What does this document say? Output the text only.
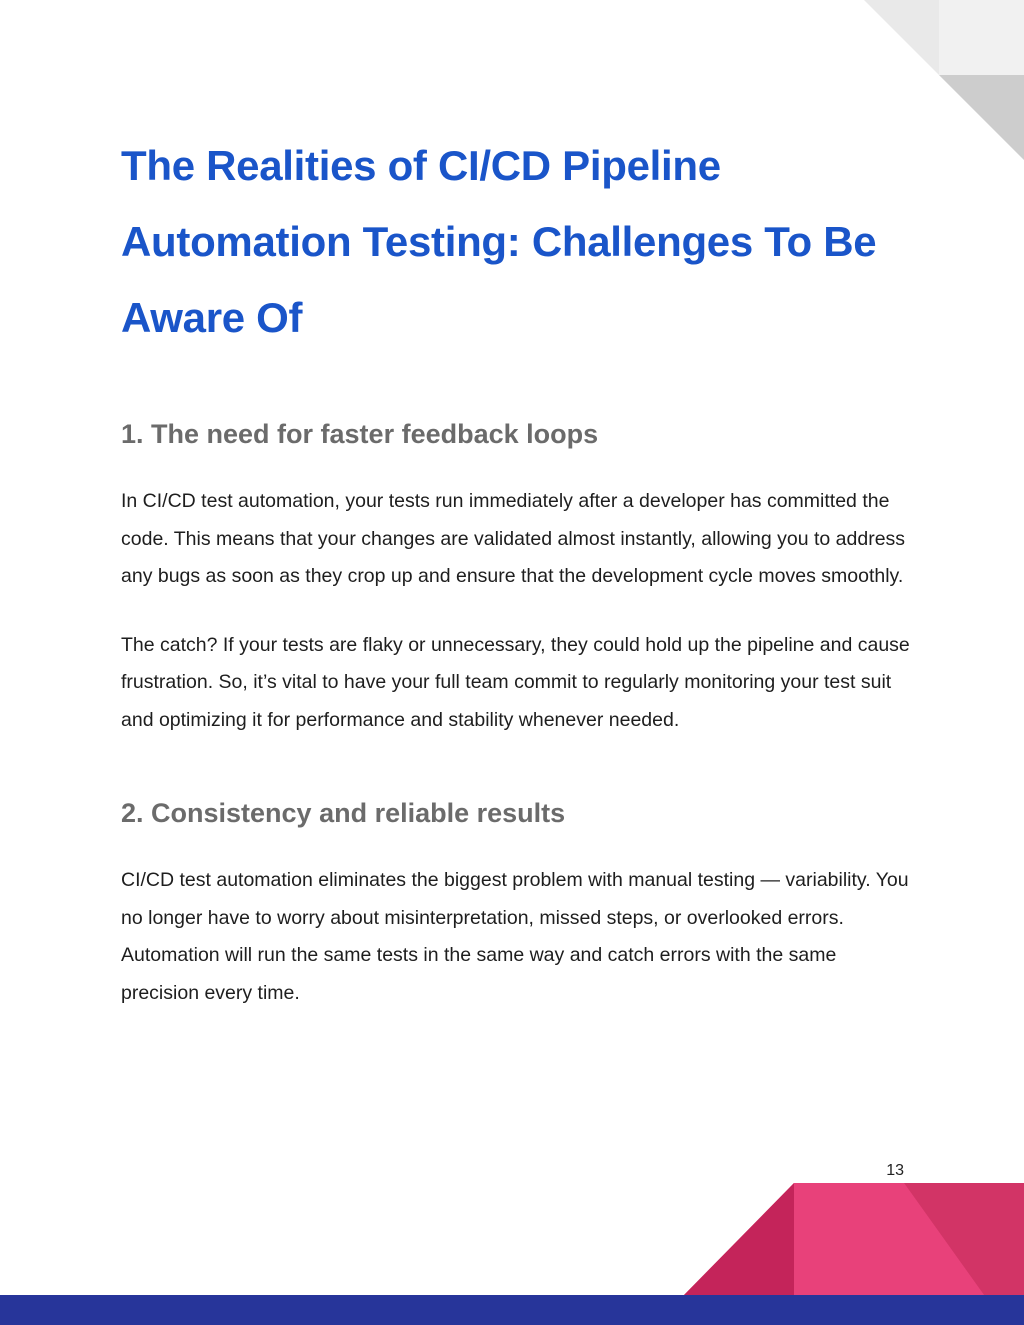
The Realities of CI/CD Pipeline Automation Testing: Challenges To Be Aware Of
1. The need for faster feedback loops

In CI/CD test automation, your tests run immediately after a developer has committed the code. This means that your changes are validated almost instantly, allowing you to address any bugs as soon as they crop up and ensure that the development cycle moves smoothly.

The catch? If your tests are flaky or unnecessary, they could hold up the pipeline and cause frustration. So, it’s vital to have your full team commit to regularly monitoring your test suit and optimizing it for performance and stability whenever needed.

2. Consistency and reliable results

CI/CD test automation eliminates the biggest problem with manual testing — variability. You no longer have to worry about misinterpretation, missed steps, or overlooked errors. Automation will run the same tests in the same way and catch errors with the same precision every time.

13
